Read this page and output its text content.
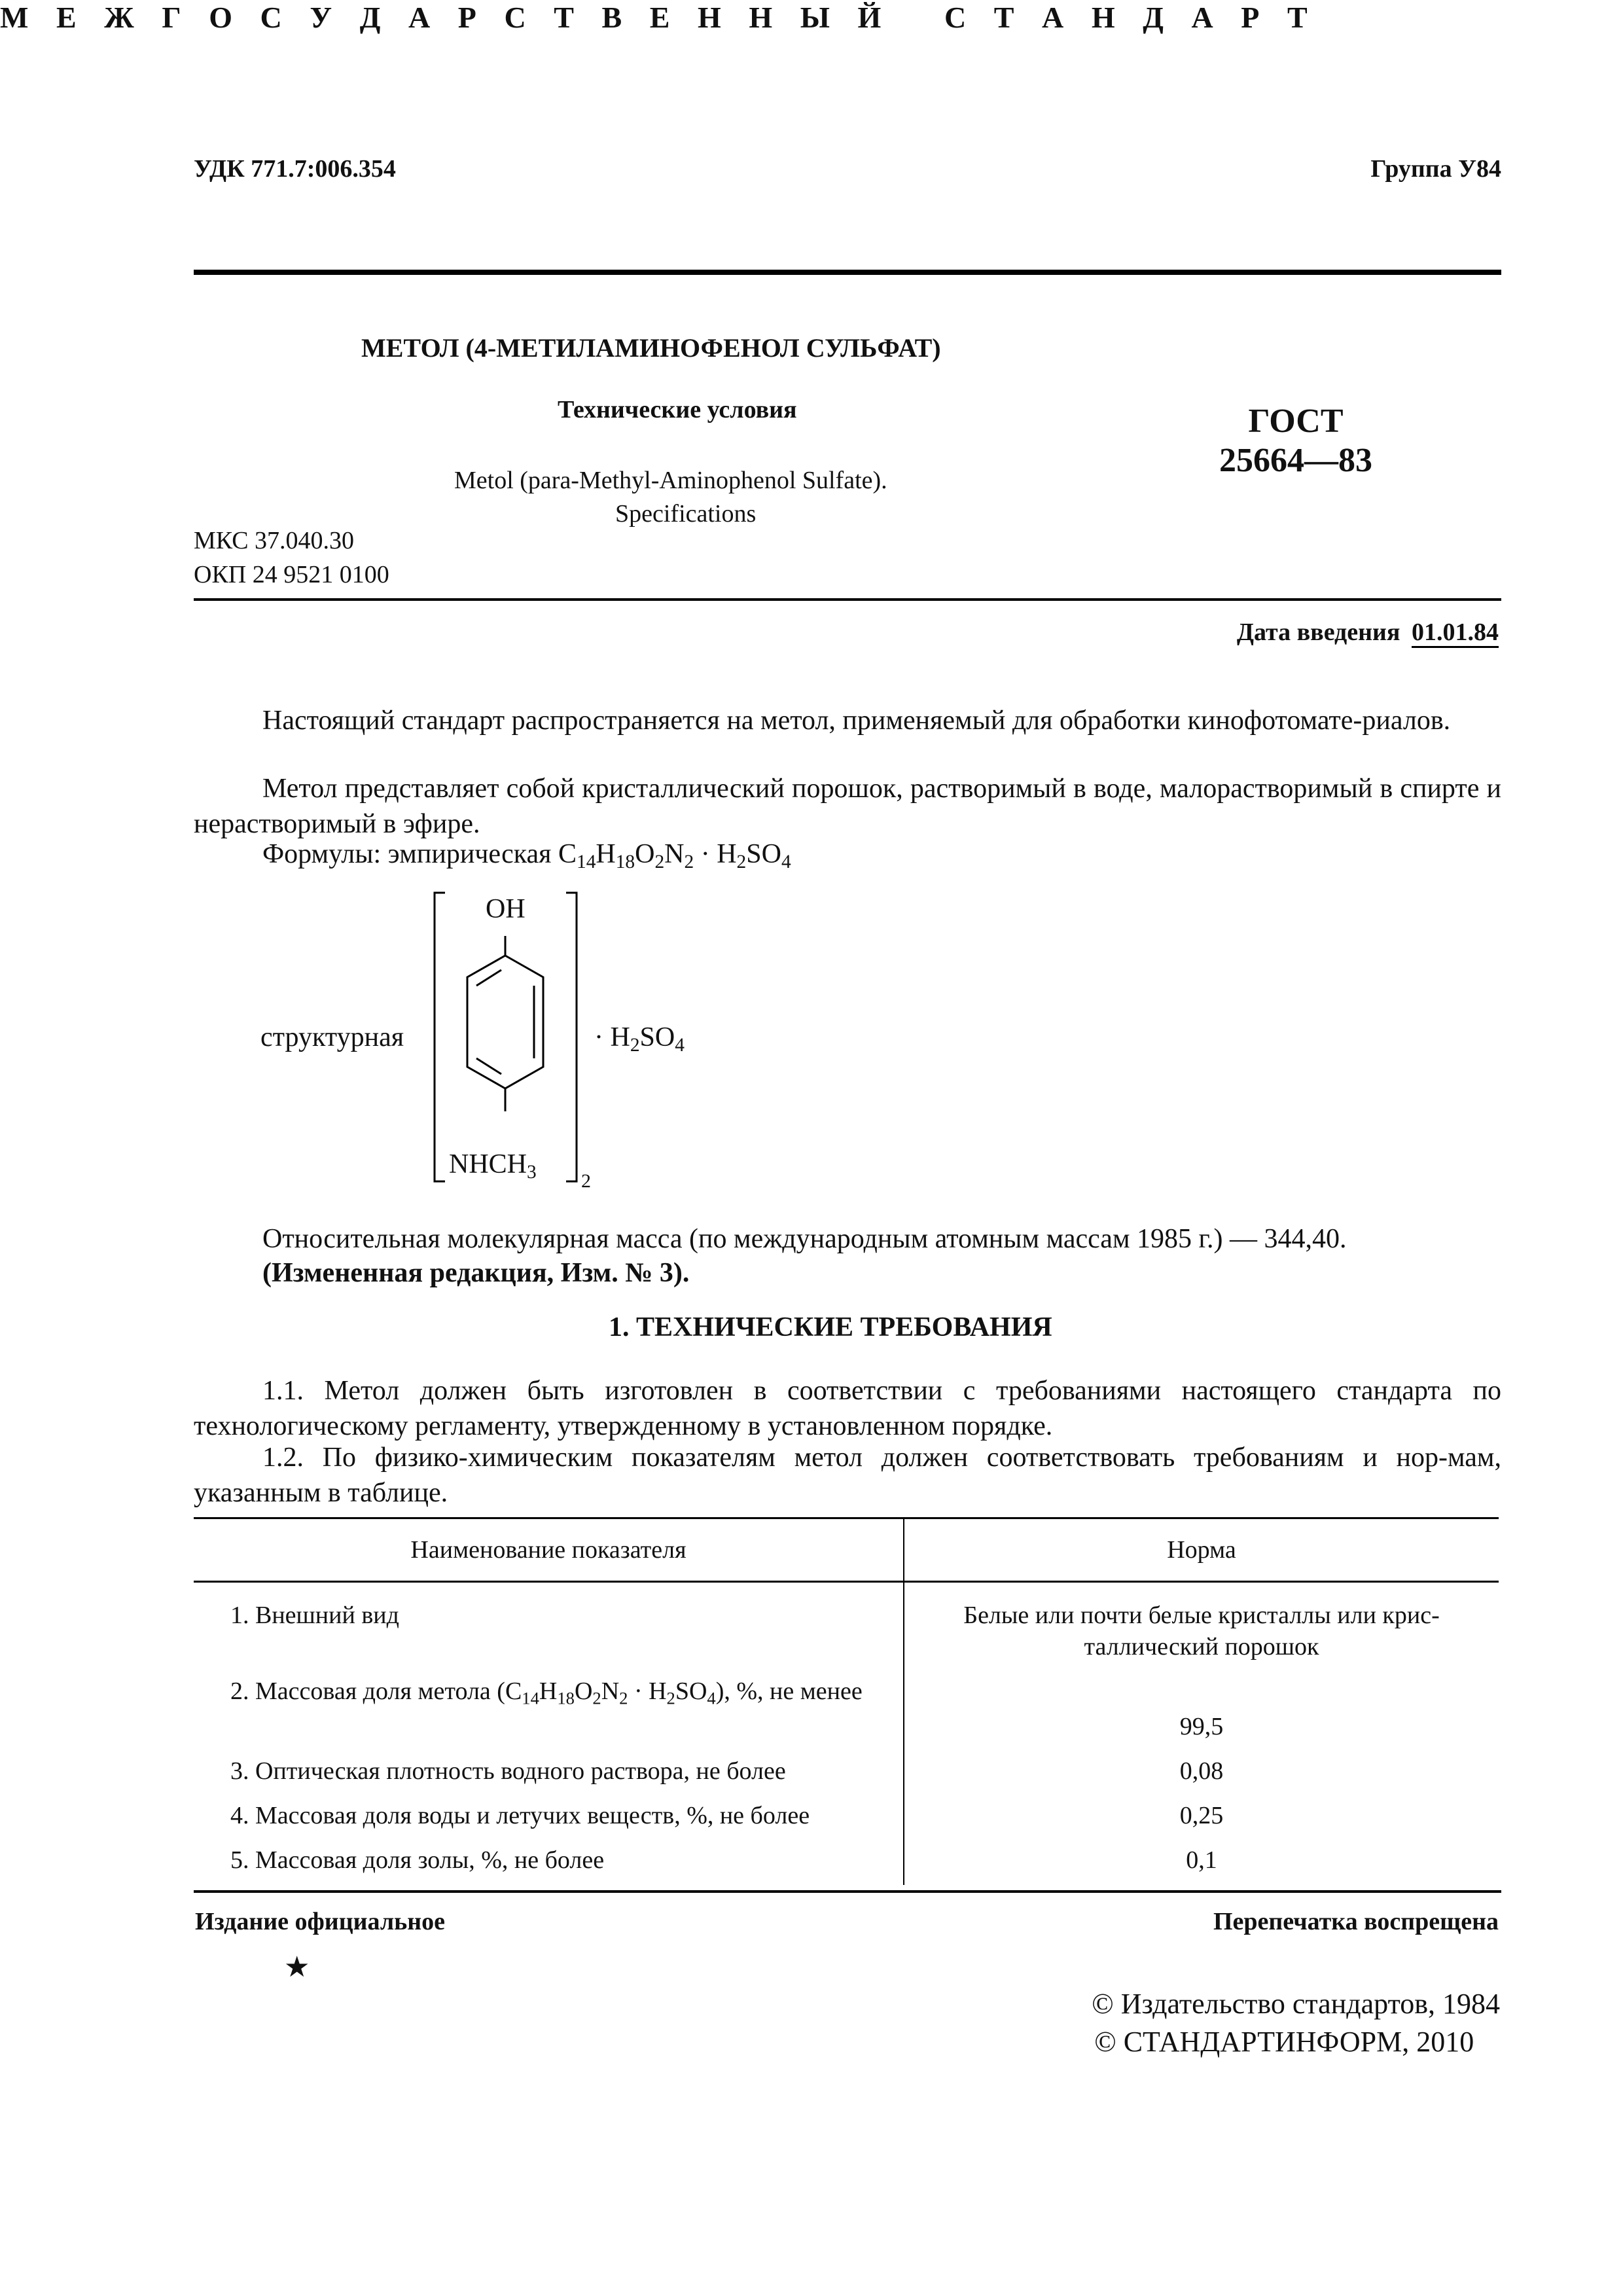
УДК 771.7:006.354	Группа У84
М Е Ж Г О С У Д А Р С Т В Е Н Н Ы Й
С Т А Н Д А Р Т
МЕТОЛ (4-МЕТИЛАМИНОФЕНОЛ СУЛЬФАТ)
Технические условия
Metol (para-Methyl-Aminophenol Sulfate).
Specifications
ГОСТ
25664—83
МКС 37.040.30
ОКП 24 9521 0100
Дата введения 01.01.84
Настоящий стандарт распространяется на метол, применяемый для обработки кинофотомате-риалов.
Метол представляет собой кристаллический порошок, растворимый в воде, малорастворимый в спирте и нерастворимый в эфире.
Формулы: эмпирическая $C_{14}H_{18}O_2N_2 \cdot H_2SO_4$
структурная
OH
$NHCH_3$ 2
· $H_2SO_4$
Относительная молекулярная масса (по международным атомным массам 1985 г.) — 344,40.
(Измененная редакция, Изм. № 3).
1. ТЕХНИЧЕСКИЕ ТРЕБОВАНИЯ
1.1. Метол должен быть изготовлен в соответствии с требованиями настоящего стандарта по технологическому регламенту, утвержденному в установленном порядке.
1.2. По физико-химическим показателям метол должен соответствовать требованиям и нор-мам, указанным в таблице.
Наименование показателя	Норма

1. Внешний вид	Белые или почти белые кристаллы или крис-таллический порошок

2. Массовая доля метола $(C_{14}H_{18}O_2N_2 \cdot H_2SO_4)$, %, не менее	99,5

3. Оптическая плотность водного раствора, не более	0,08

4. Массовая доля воды и летучих веществ, %, не более	0,25

5. Массовая доля золы, %, не более	0,1
Издание официальное	Перепечатка воспрещена
★
© Издательство стандартов, 1984
© СТАНДАРТИНФОРМ, 2010
